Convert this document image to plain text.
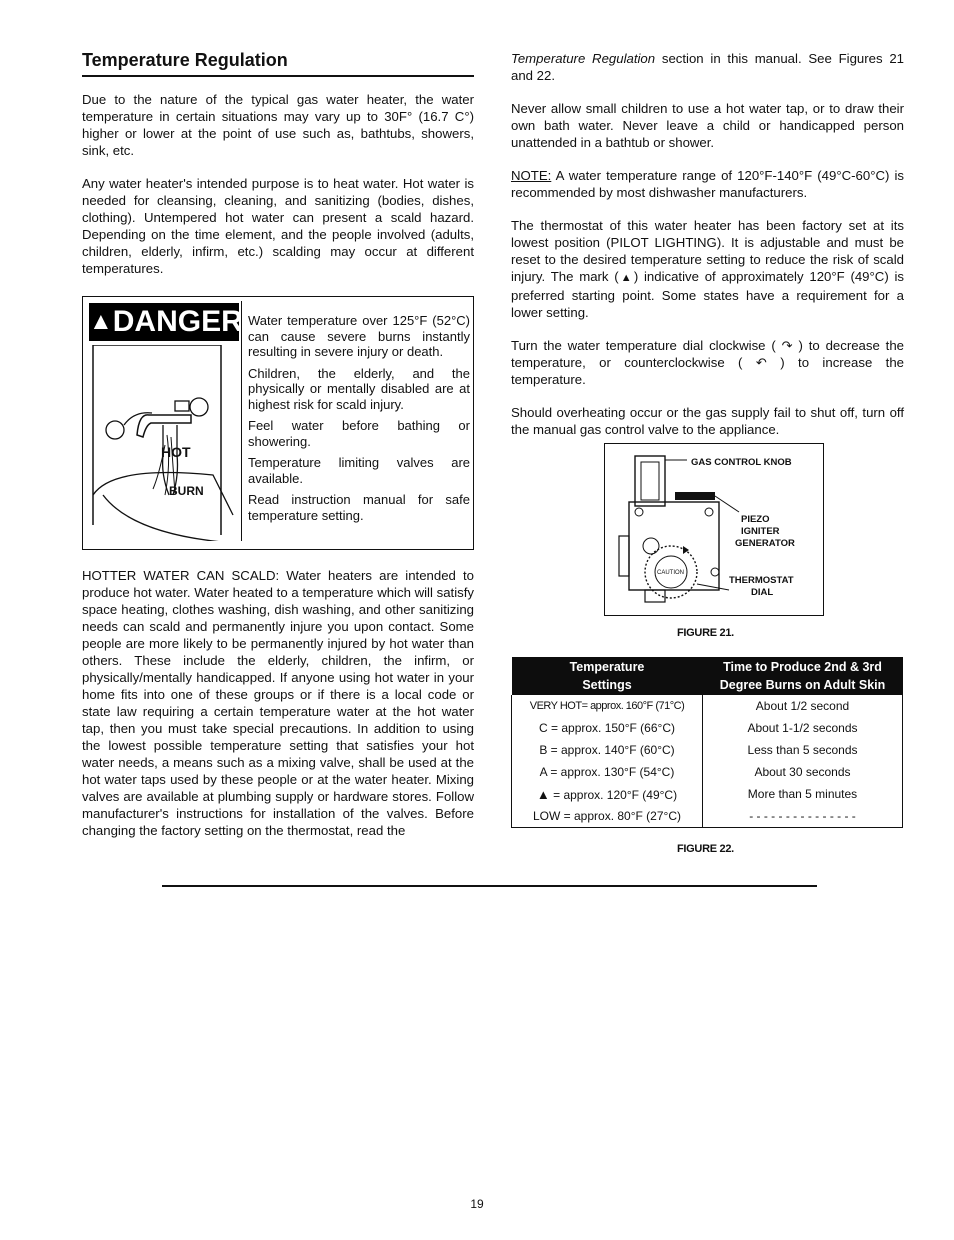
Temperature Regulation

Due to the nature of the typical gas water heater, the water temperature in certain situations may vary up to 30F° (16.7 C°) higher or lower at the point of use such as, bathtubs, showers, sink, etc.

Any water heater's intended purpose is to heat water. Hot water is needed for cleansing, cleaning, and sanitizing (bodies, dishes, clothing). Untempered hot water can present a scald hazard. Depending on the time element, and the people involved (adults, children, elderly, infirm, etc.) scalding may occur at different temperatures.

▲DANGER
HOT
BURN

Water temperature over 125°F (52°C) can cause severe burns instantly resulting in severe injury or death.

Children, the elderly, and the physically or mentally disabled are at highest risk for scald injury.

Feel water before bathing or showering.

Temperature limiting valves are available.

Read instruction manual for safe temperature setting.

HOTTER WATER CAN SCALD: Water heaters are intended to produce hot water. Water heated to a temperature which will satisfy space heating, clothes washing, dish washing, and other sanitizing needs can scald and permanently injure you upon contact. Some people are more likely to be permanently injured by hot water than others. These include the elderly, children, the infirm, or physically/mentally handicapped. If anyone using hot water in your home fits into one of these groups or if there is a local code or state law requiring a certain temperature water at the hot water tap, then you must take special precautions. In addition to using the lowest possible temperature setting that satisfies your hot water needs, a means such as a mixing valve, shall be used at the hot water taps used by these people or at the water heater. Mixing valves are available at plumbing supply or hardware stores. Follow manufacturer's instructions for installation of the valves. Before changing the factory setting on the thermostat, read the

Temperature Regulation section in this manual. See Figures 21 and 22.

Never allow small children to use a hot water tap, or to draw their own bath water. Never leave a child or handicapped person unattended in a bathtub or shower.

NOTE: A water temperature range of 120°F-140°F (49°C-60°C) is recommended by most dishwasher manufacturers.

The thermostat of this water heater has been factory set at its lowest position (PILOT LIGHTING). It is adjustable and must be reset to the desired temperature setting to reduce the risk of scald injury. The mark (▲) indicative of approximately 120°F (49°C) is preferred starting point. Some states have a requirement for a lower setting.

Turn the water temperature dial clockwise ( ↷ ) to decrease the temperature, or counterclockwise ( ↶ ) to increase the temperature.

Should overheating occur or the gas supply fail to shut off, turn off the manual gas control valve to the appliance.

CAUTION
GAS CONTROL KNOB
PIEZO
IGNITER
GENERATOR
THERMOSTAT
DIAL
FIGURE 21.
Temperature
Settings	Time to Produce 2nd & 3rd
Degree Burns on Adult Skin
VERY HOT= approx. 160°F (71°C)	About 1/2 second
C = approx. 150°F (66°C)	About 1-1/2 seconds
B = approx. 140°F (60°C)	Less than 5 seconds
A = approx. 130°F (54°C)	About 30 seconds
▲ = approx. 120°F (49°C)	More than 5 minutes
LOW = approx. 80°F (27°C)	- - - - - - - - - - - - - - -
FIGURE 22.
19
